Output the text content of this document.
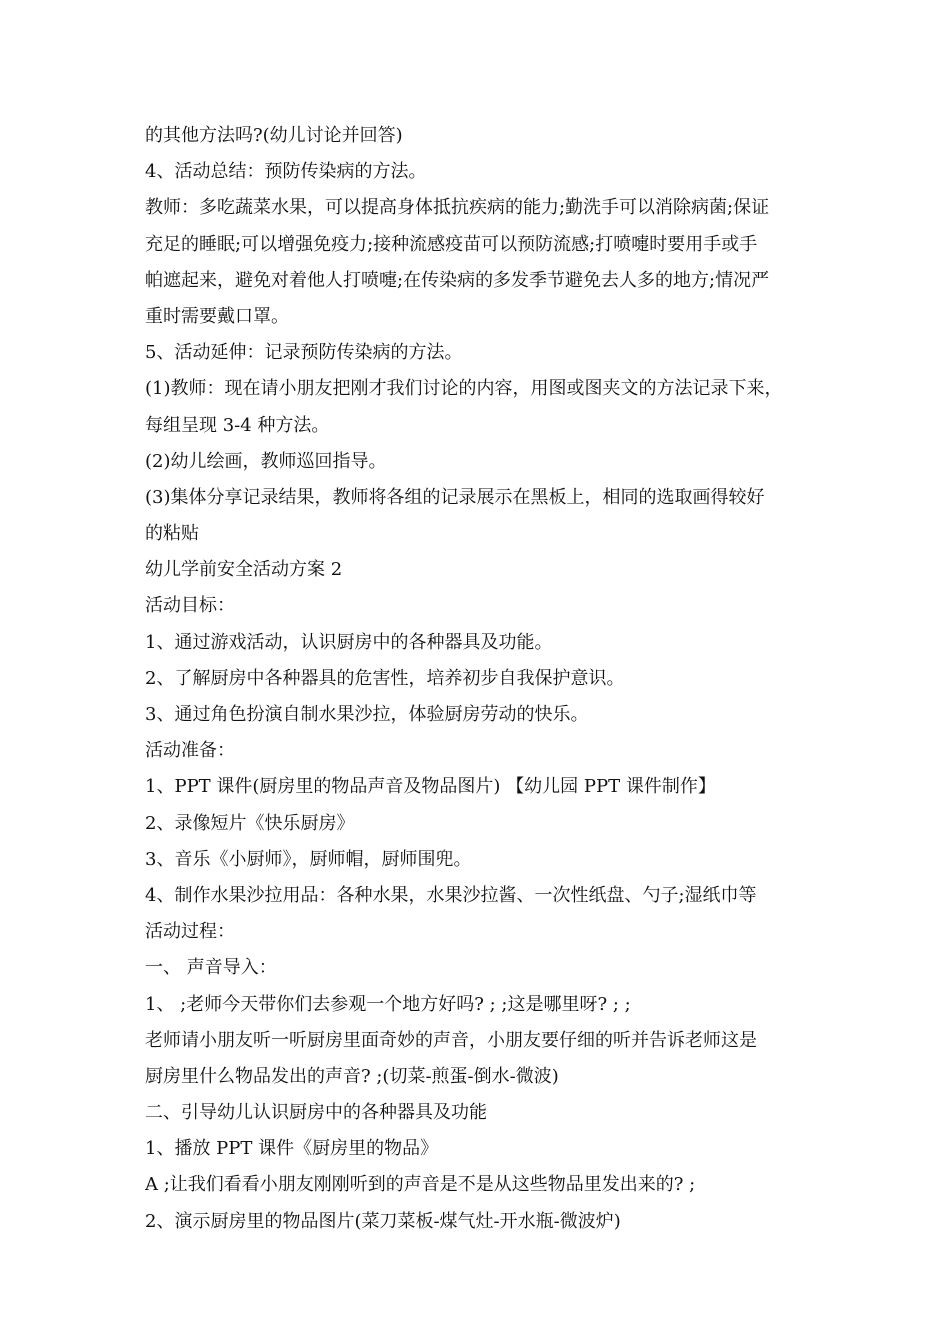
的其他方法吗?(幼儿讨论并回答)
4、活动总结：预防传染病的方法。
教师：多吃蔬菜水果，可以提高身体抵抗疾病的能力;勤洗手可以消除病菌;保证
充足的睡眠;可以增强免疫力;接种流感疫苗可以预防流感;打喷嚏时要用手或手
帕遮起来，避免对着他人打喷嚏;在传染病的多发季节避免去人多的地方;情况严
重时需要戴口罩。
5、活动延伸：记录预防传染病的方法。
(1)教师：现在请小朋友把刚才我们讨论的内容，用图或图夹文的方法记录下来，
每组呈现 3-4 种方法。
(2)幼儿绘画，教师巡回指导。
(3)集体分享记录结果，教师将各组的记录展示在黑板上，相同的选取画得较好
的粘贴
幼儿学前安全活动方案 2
活动目标：
1、通过游戏活动，认识厨房中的各种器具及功能。
2、了解厨房中各种器具的危害性，培养初步自我保护意识。
3、通过角色扮演自制水果沙拉，体验厨房劳动的快乐。
活动准备：
1、PPT 课件(厨房里的物品声音及物品图片) 【幼儿园 PPT 课件制作】
2、录像短片《快乐厨房》
3、音乐《小厨师》，厨师帽，厨师围兜。
4、制作水果沙拉用品：各种水果，水果沙拉酱、一次性纸盘、勺子;湿纸巾等
活动过程：
一、 声音导入：
1、 ;老师今天带你们去参观一个地方好吗? ; ;这是哪里呀? ; ;
老师请小朋友听一听厨房里面奇妙的声音，小朋友要仔细的听并告诉老师这是
厨房里什么物品发出的声音? ;(切菜-煎蛋-倒水-微波)
二、引导幼儿认识厨房中的各种器具及功能
1、播放 PPT 课件《厨房里的物品》
A ;让我们看看小朋友刚刚听到的声音是不是从这些物品里发出来的? ;
2、演示厨房里的物品图片(菜刀菜板-煤气灶-开水瓶-微波炉)
